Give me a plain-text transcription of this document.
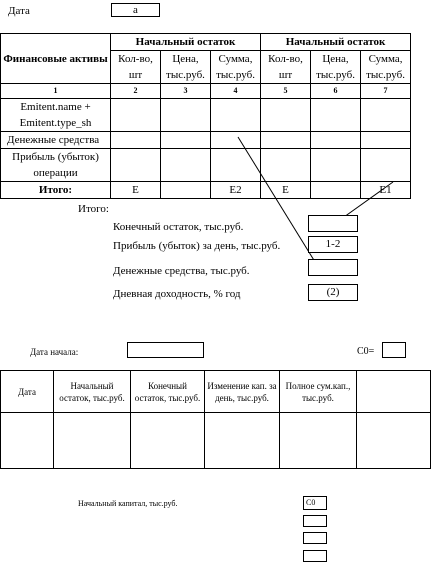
Дата	a
Финансовые активы	Начальный остаток			Начальный остаток		
	Кол-во, шт	Цена, тыс.руб.	Сумма, тыс.руб.	Кол-во, шт	Цена, тыс.руб.	Сумма, тыс.руб.
1	2	3	4	5	6	7
Emitent.name + Emitent.type_sh						
Денежные средства						
Прибыль (убыток) операции						
Итого:	E		E2	E		E1
Итого:
Конечный остаток, тыс.руб.
Прибыль (убыток) за день, тыс.руб.	1-2
Денежные средства, тыс.руб.
Дневная доходность, % год	(2)
Дата начала:	C0=
Дата	Начальный остаток, тыс.руб.	Конечный остаток, тыс.руб.	Изменение кап. за день, тыс.руб.	Полное сум.кап., тыс.руб.	

Начальный капитал, тыс.руб.	C0
